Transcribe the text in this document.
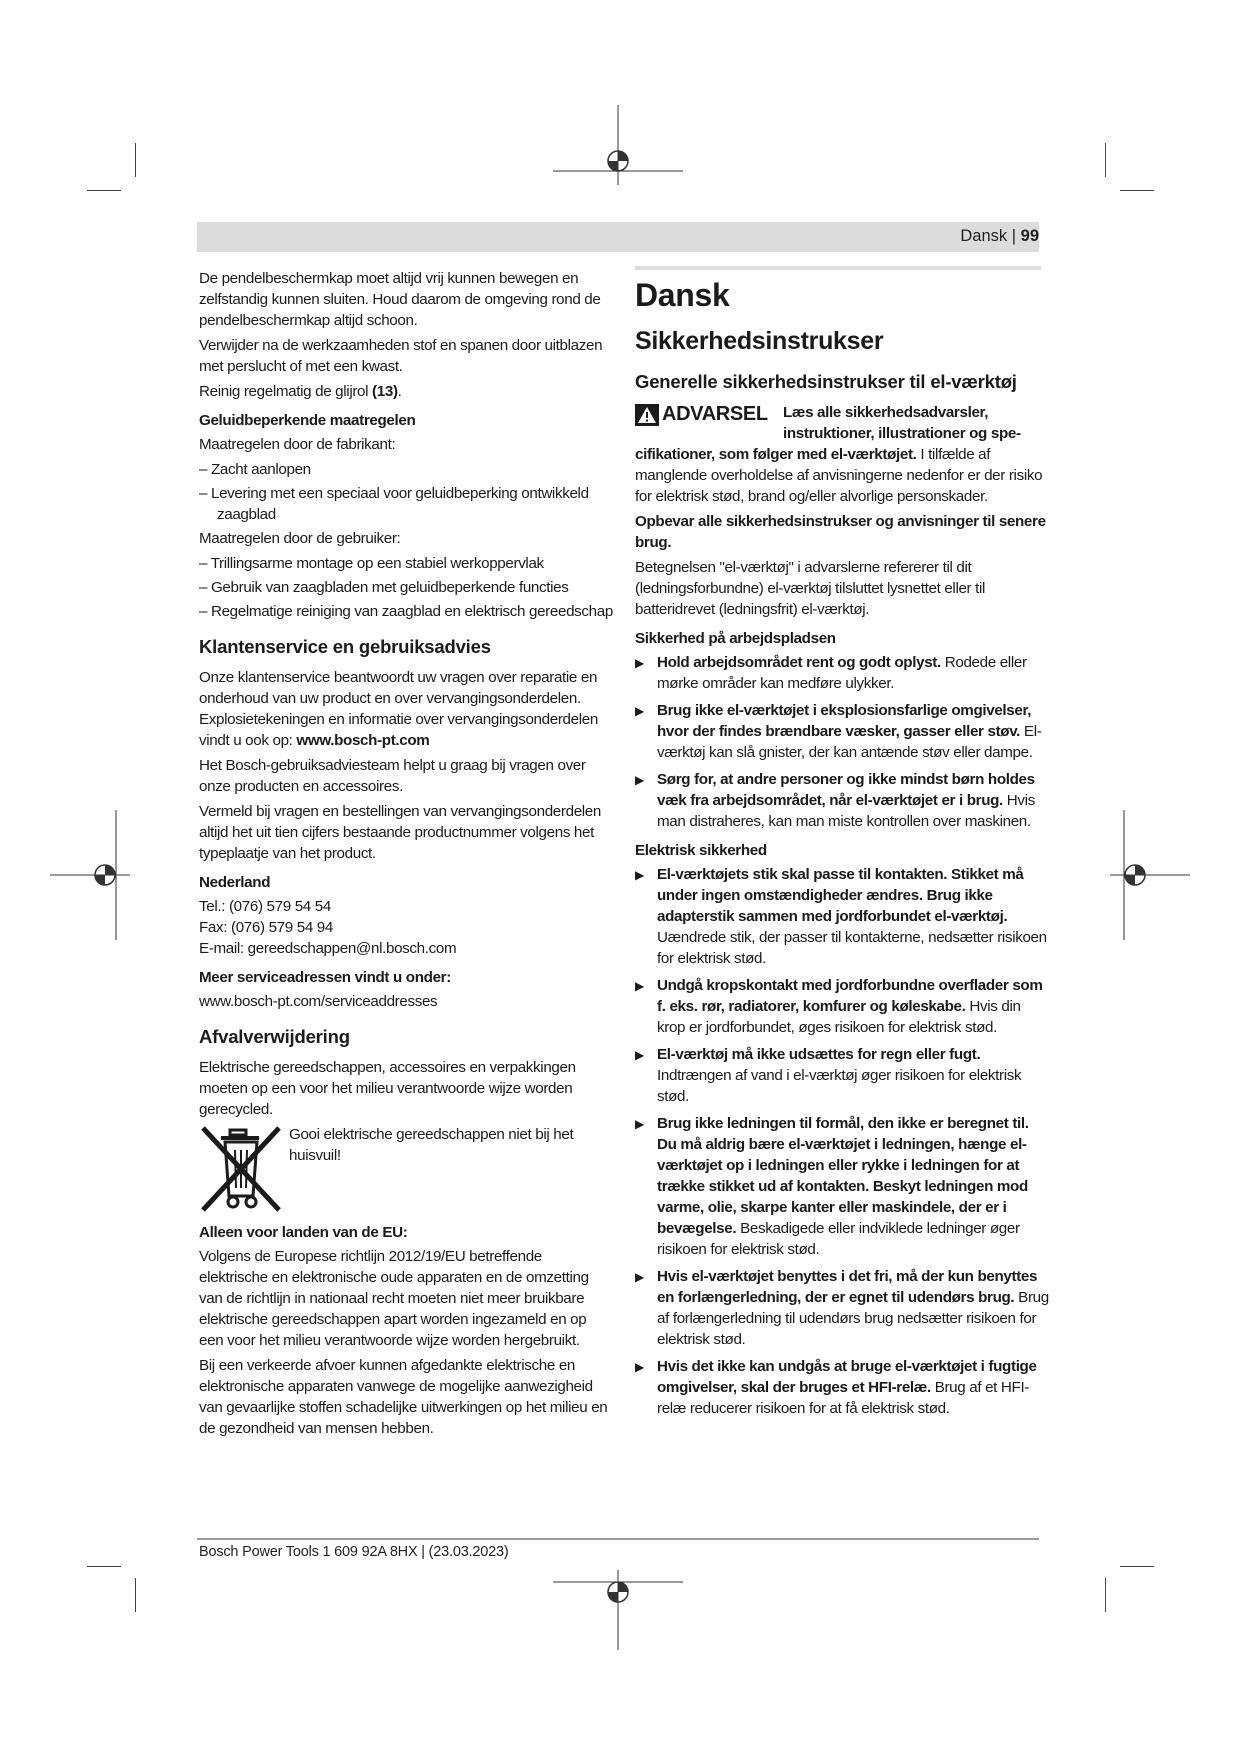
Dansk | 99

De pendelbeschermkap moet altijd vrij kunnen bewegen en zelfstandig kunnen sluiten. Houd daarom de omgeving rond de pendelbeschermkap altijd schoon.

Verwijder na de werkzaamheden stof en spanen door uitblazen met perslucht of met een kwast.

Reinig regelmatig de glijrol (13).

Geluidbeperkende maatregelen

Maatregelen door de fabrikant:

– Zacht aanlopen

– Levering met een speciaal voor geluidbeperking ontwikkeld zaagblad

Maatregelen door de gebruiker:

– Trillingsarme montage op een stabiel werkoppervlak

– Gebruik van zaagbladen met geluidbeperkende functies

– Regelmatige reiniging van zaagblad en elektrisch gereedschap

Klantenservice en gebruiksadvies

Onze klantenservice beantwoordt uw vragen over reparatie en onderhoud van uw product en over vervangingsonderdelen. Explosietekeningen en informatie over vervangingsonderdelen vindt u ook op: www.bosch-pt.com

Het Bosch-gebruiksadviesteam helpt u graag bij vragen over onze producten en accessoires.

Vermeld bij vragen en bestellingen van vervangingsonderdelen altijd het uit tien cijfers bestaande productnummer volgens het typeplaatje van het product.

Nederland
Tel.: (076) 579 54 54
Fax: (076) 579 54 94
E-mail: gereedschappen@nl.bosch.com
Meer serviceadressen vindt u onder:
www.bosch-pt.com/serviceaddresses
Afvalverwijdering

Elektrische gereedschappen, accessoires en verpakkingen moeten op een voor het milieu verantwoorde wijze worden gerecycled.

Gooi elektrische gereedschappen niet bij het huisvuil!
Alleen voor landen van de EU:

Volgens de Europese richtlijn 2012/19/EU betreffende elektrische en elektronische oude apparaten en de omzetting van de richtlijn in nationaal recht moeten niet meer bruikbare elektrische gereedschappen apart worden ingezameld en op een voor het milieu verantwoorde wijze worden hergebruikt.

Bij een verkeerde afvoer kunnen afgedankte elektrische en elektronische apparaten vanwege de mogelijke aanwezigheid van gevaarlijke stoffen schadelijke uitwerkingen op het milieu en de gezondheid van mensen hebben.

Dansk
Sikkerhedsinstrukser
Generelle sikkerhedsinstrukser til el-værktøj
ADVARSEL Læs alle sikkerhedsadvarsler, instruktioner, illustrationer og spe-

cifikationer, som følger med el-værktøjet. I tilfælde af manglende overholdelse af anvisningerne nedenfor er der risiko for elektrisk stød, brand og/eller alvorlige personskader.

Opbevar alle sikkerhedsinstrukser og anvisninger til senere brug.

Betegnelsen "el-værktøj" i advarslerne refererer til dit (ledningsforbundne) el-værktøj tilsluttet lysnettet eller til batteridrevet (ledningsfrit) el-værktøj.

Sikkerhed på arbejdspladsen
▶ Hold arbejdsområdet rent og godt oplyst. Rodede eller mørke områder kan medføre ulykker.
▶ Brug ikke el-værktøjet i eksplosionsfarlige omgivelser, hvor der findes brændbare væsker, gasser eller støv. El-værktøj kan slå gnister, der kan antænde støv eller dampe.
▶ Sørg for, at andre personer og ikke mindst børn holdes væk fra arbejdsområdet, når el-værktøjet er i brug. Hvis man distraheres, kan man miste kontrollen over maskinen.
Elektrisk sikkerhed
▶ El-værktøjets stik skal passe til kontakten. Stikket må under ingen omstændigheder ændres. Brug ikke adapterstik sammen med jordforbundet el-værktøj. Uændrede stik, der passer til kontakterne, nedsætter risikoen for elektrisk stød.
▶ Undgå kropskontakt med jordforbundne overflader som f. eks. rør, radiatorer, komfurer og køleskabe. Hvis din krop er jordforbundet, øges risikoen for elektrisk stød.
▶ El-værktøj må ikke udsættes for regn eller fugt. Indtrængen af vand i el-værktøj øger risikoen for elektrisk stød.
▶ Brug ikke ledningen til formål, den ikke er beregnet til. Du må aldrig bære el-værktøjet i ledningen, hænge el-værktøjet op i ledningen eller rykke i ledningen for at trække stikket ud af kontakten. Beskyt ledningen mod varme, olie, skarpe kanter eller maskindele, der er i bevægelse. Beskadigede eller indviklede ledninger øger risikoen for elektrisk stød.
▶ Hvis el-værktøjet benyttes i det fri, må der kun benyttes en forlængerledning, der er egnet til udendørs brug. Brug af forlængerledning til udendørs brug nedsætter risikoen for elektrisk stød.
▶ Hvis det ikke kan undgås at bruge el-værktøjet i fugtige omgivelser, skal der bruges et HFI-relæ. Brug af et HFI-relæ reducerer risikoen for at få elektrisk stød.
Bosch Power Tools 1 609 92A 8HX | (23.03.2023)
